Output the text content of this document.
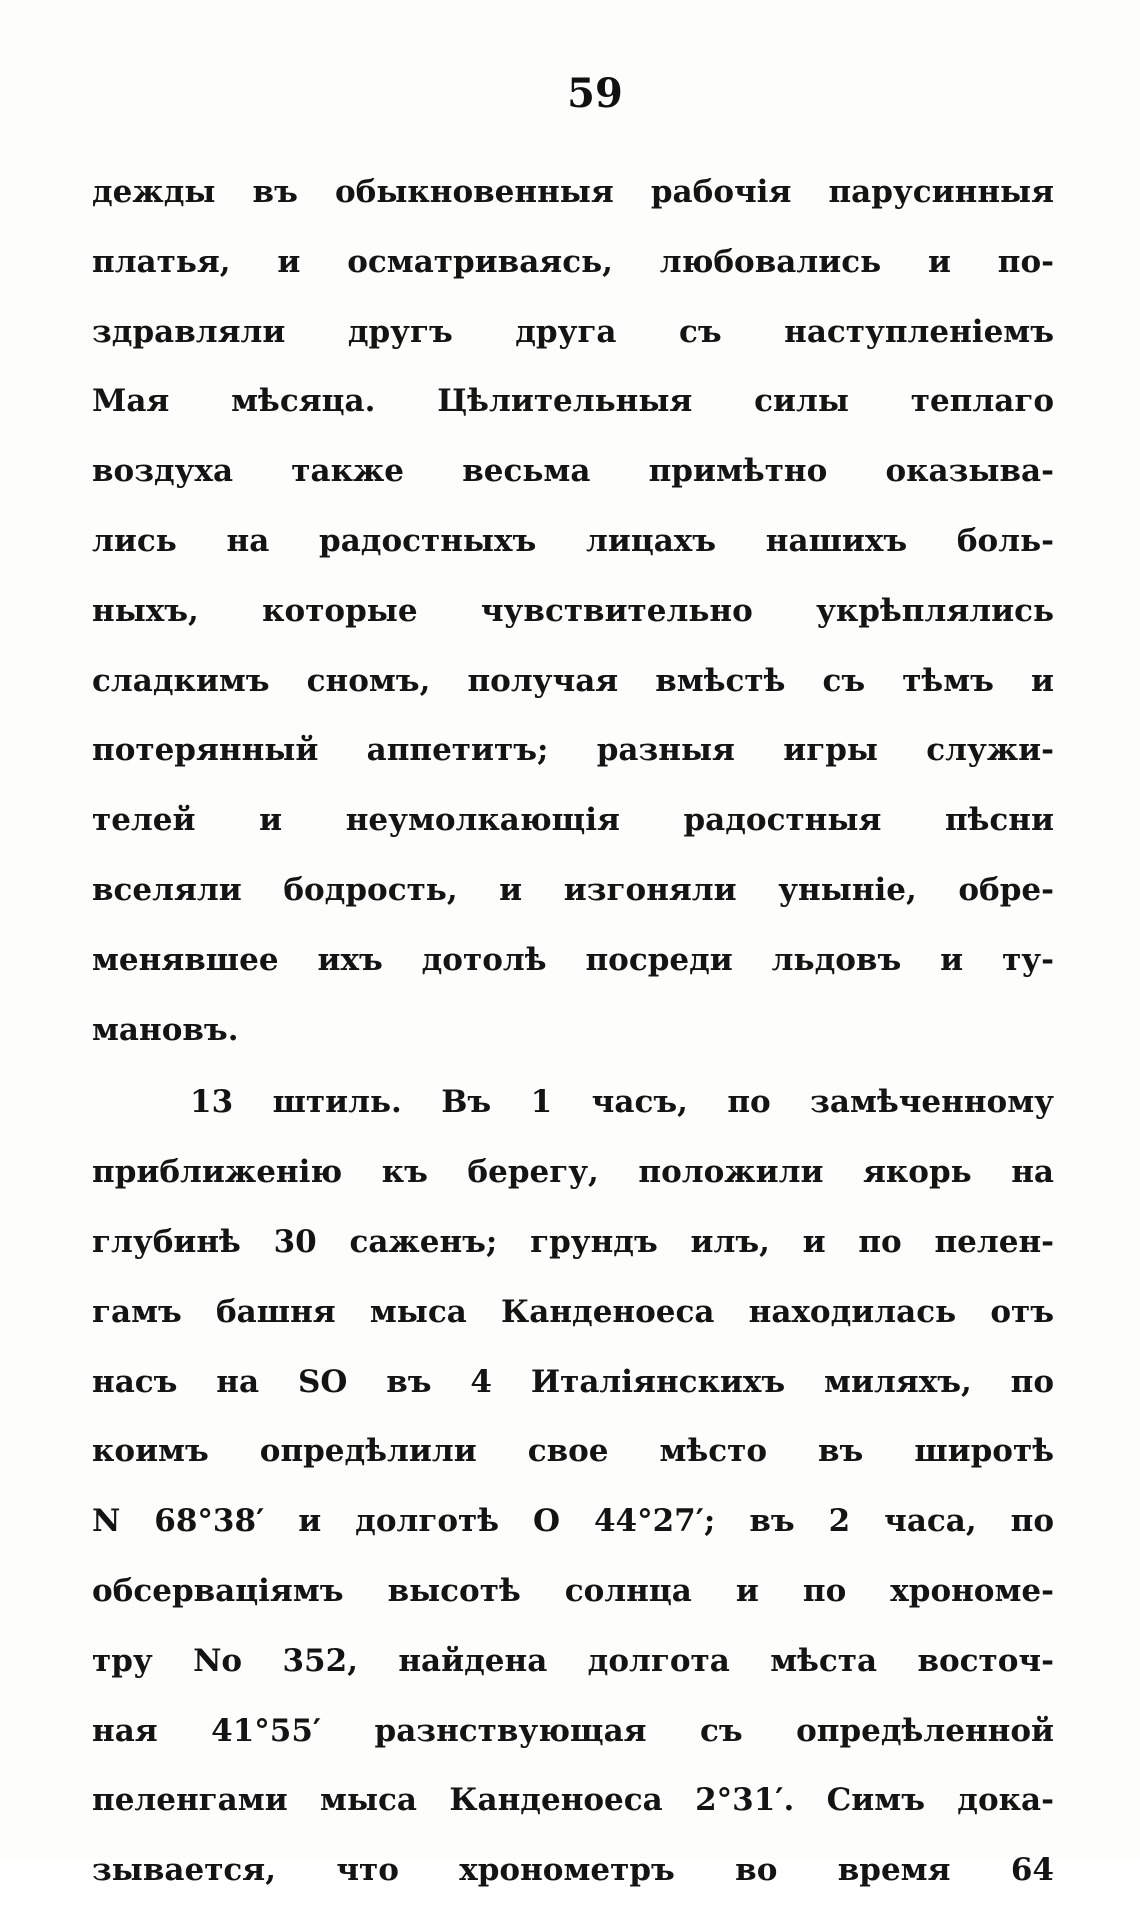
59
дежды въ обыкновенныя рабочія парусинныя
платья, и осматриваясь, любовались и по-
здравляли другъ друга съ наступленіемъ
Мая мѣсяца. Цѣлительныя силы теплаго
воздуха также весьма примѣтно оказыва-
лись на радостныхъ лицахъ нашихъ боль-
ныхъ, которые чувствительно укрѣплялись
сладкимъ сномъ, получая вмѣстѣ съ тѣмъ и
потерянный аппетитъ; разныя игры служи-
телей и неумолкающія радостныя пѣсни
вселяли бодрость, и изгоняли уныніе, обре-
менявшее ихъ дотолѣ посреди льдовъ и ту-
мановъ.
13 штиль. Въ 1 часъ, по замѣченному
приближенію къ берегу, положили якорь на
глубинѣ 30 саженъ; грундъ илъ, и по пелен-
гамъ башня мыса Канденоеса находилась отъ
насъ на SO въ 4 Италіянскихъ миляхъ, по
коимъ опредѣлили свое мѣсто въ широтѣ
N 68°38′ и долготѣ O 44°27′; въ 2 часа, по
обсерваціямъ высотѣ солнца и по хрономе-
тру No 352, найдена долгота мѣста восточ-
ная 41°55′ разнствующая съ опредѣленной
пеленгами мыса Канденоеса 2°31′. Симъ дока-
зывается, что хронометръ во время 64
